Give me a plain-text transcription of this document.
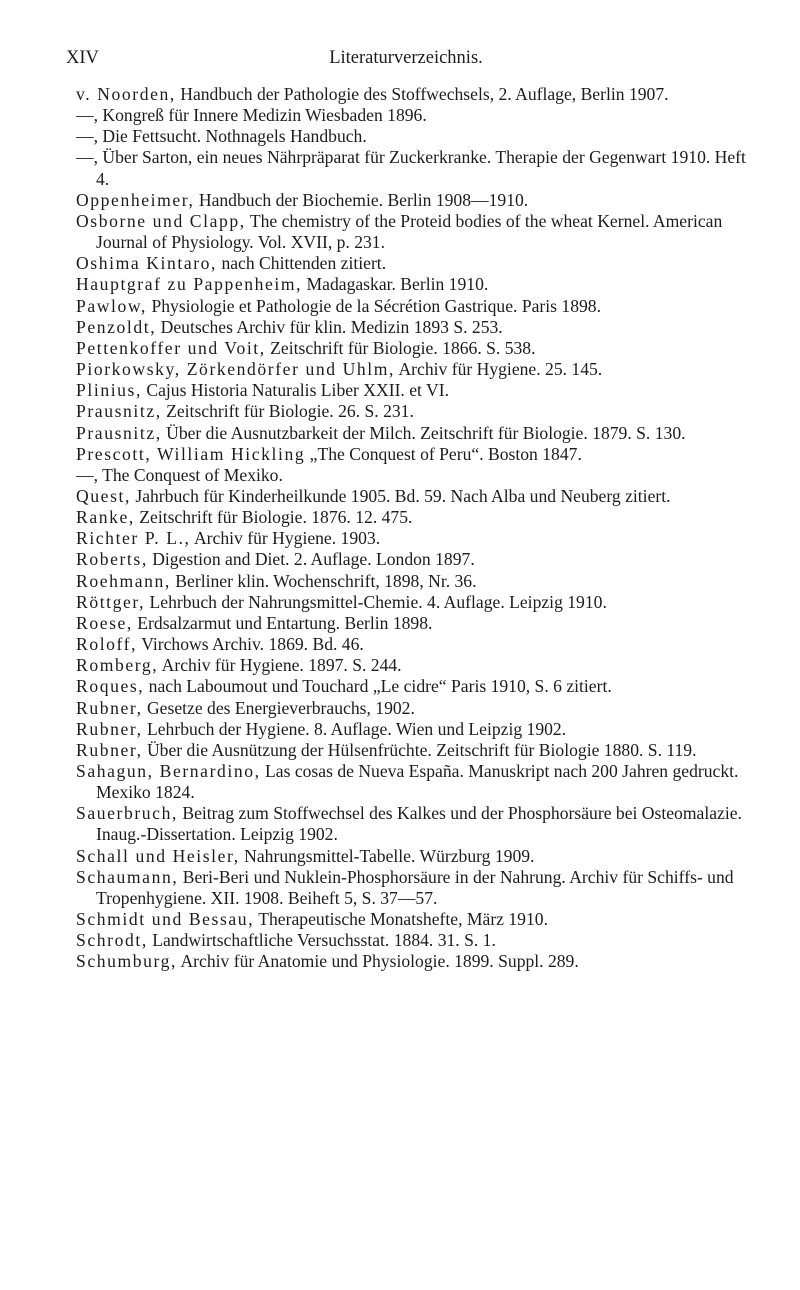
XIV	Literaturverzeichnis.

v. Noorden, Handbuch der Pathologie des Stoffwechsels, 2. Auflage, Berlin 1907.

—, Kongreß für Innere Medizin Wiesbaden 1896.

—, Die Fettsucht. Nothnagels Handbuch.

—, Über Sarton, ein neues Nährpräparat für Zuckerkranke. Therapie der Gegenwart 1910. Heft 4.

Oppenheimer, Handbuch der Biochemie. Berlin 1908—1910.

Osborne und Clapp, The chemistry of the Proteid bodies of the wheat Kernel. American Journal of Physiology. Vol. XVII, p. 231.

Oshima Kintaro, nach Chittenden zitiert.

Hauptgraf zu Pappenheim, Madagaskar. Berlin 1910.

Pawlow, Physiologie et Pathologie de la Sécrétion Gastrique. Paris 1898.

Penzoldt, Deutsches Archiv für klin. Medizin 1893 S. 253.

Pettenkoffer und Voit, Zeitschrift für Biologie. 1866. S. 538.

Piorkowsky, Zörkendörfer und Uhlm, Archiv für Hygiene. 25. 145.

Plinius, Cajus Historia Naturalis Liber XXII. et VI.

Prausnitz, Zeitschrift für Biologie. 26. S. 231.

Prausnitz, Über die Ausnutzbarkeit der Milch. Zeitschrift für Biologie. 1879. S. 130.

Prescott, William Hickling „The Conquest of Peru“. Boston 1847.

—, The Conquest of Mexiko.

Quest, Jahrbuch für Kinderheilkunde 1905. Bd. 59. Nach Alba und Neuberg zitiert.

Ranke, Zeitschrift für Biologie. 1876. 12. 475.

Richter P. L., Archiv für Hygiene. 1903.

Roberts, Digestion and Diet. 2. Auflage. London 1897.

Roehmann, Berliner klin. Wochenschrift, 1898, Nr. 36.

Röttger, Lehrbuch der Nahrungsmittel-Chemie. 4. Auflage. Leipzig 1910.

Roese, Erdsalzarmut und Entartung. Berlin 1898.

Roloff, Virchows Archiv. 1869. Bd. 46.

Romberg, Archiv für Hygiene. 1897. S. 244.

Roques, nach Laboumout und Touchard „Le cidre“ Paris 1910, S. 6 zitiert.

Rubner, Gesetze des Energieverbrauchs, 1902.

Rubner, Lehrbuch der Hygiene. 8. Auflage. Wien und Leipzig 1902.

Rubner, Über die Ausnützung der Hülsenfrüchte. Zeitschrift für Biologie 1880. S. 119.

Sahagun, Bernardino, Las cosas de Nueva España. Manuskript nach 200 Jahren gedruckt. Mexiko 1824.

Sauerbruch, Beitrag zum Stoffwechsel des Kalkes und der Phosphorsäure bei Osteomalazie. Inaug.-Dissertation. Leipzig 1902.

Schall und Heisler, Nahrungsmittel-Tabelle. Würzburg 1909.

Schaumann, Beri-Beri und Nuklein-Phosphorsäure in der Nahrung. Archiv für Schiffs- und Tropenhygiene. XII. 1908. Beiheft 5, S. 37—57.

Schmidt und Bessau, Therapeutische Monatshefte, März 1910.

Schrodt, Landwirtschaftliche Versuchsstat. 1884. 31. S. 1.

Schumburg, Archiv für Anatomie und Physiologie. 1899. Suppl. 289.
